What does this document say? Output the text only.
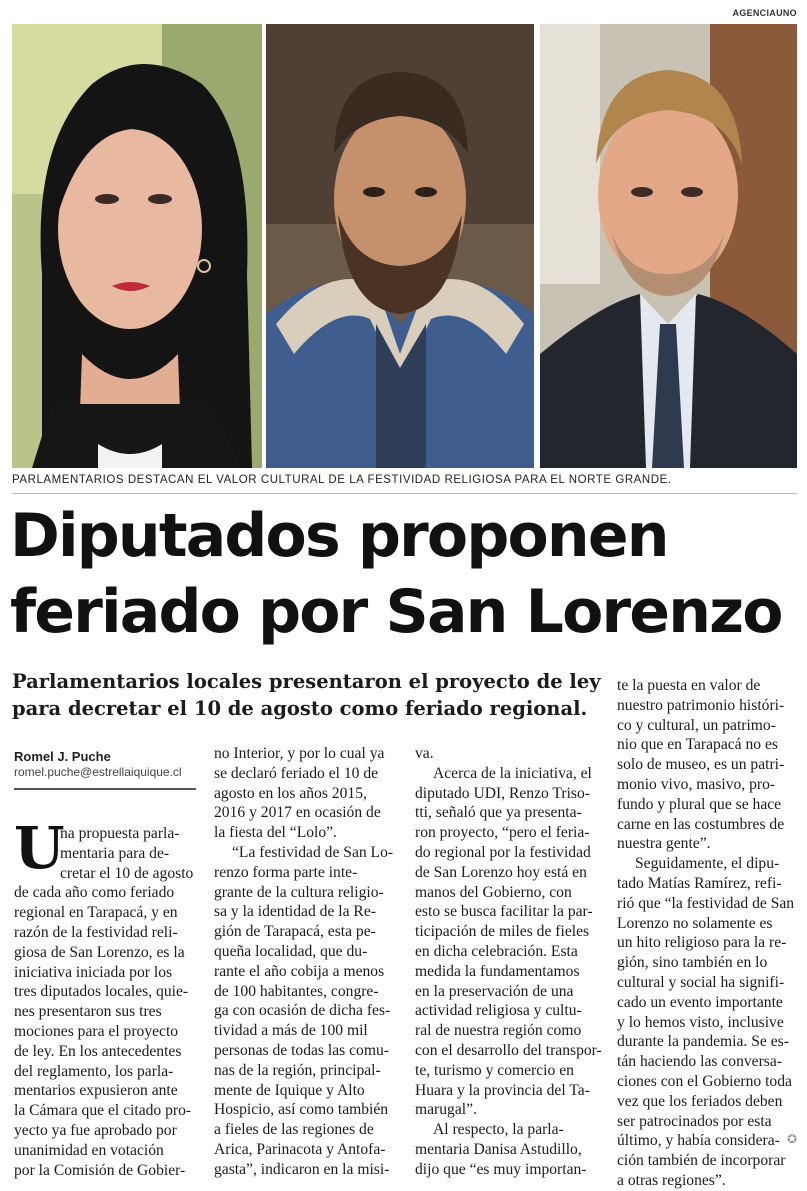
AGENCIAUNO
PARLAMENTARIOS DESTACAN EL VALOR CULTURAL DE LA FESTIVIDAD RELIGIOSA PARA EL NORTE GRANDE.
Diputados proponen
feriado por San Lorenzo
Parlamentarios locales presentaron el proyecto de ley
para decretar el 10 de agosto como feriado regional.
Romel J. Puche
romel.puche@estrellaiquique.cl
U
na propuesta parla-
mentaria para de-
cretar el 10 de agosto
de cada año como feriado
regional en Tarapacá, y en
razón de la festividad reli-
giosa de San Lorenzo, es la
iniciativa iniciada por los
tres diputados locales, quie-
nes presentaron sus tres
mociones para el proyecto
de ley. En los antecedentes
del reglamento, los parla-
mentarios expusieron ante
la Cámara que el citado pro-
yecto ya fue aprobado por
unanimidad en votación
por la Comisión de Gobier-
no Interior, y por lo cual ya
se declaró feriado el 10 de
agosto en los años 2015,
2016 y 2017 en ocasión de
la fiesta del “Lolo”.
“La festividad de San Lo-
renzo forma parte inte-
grante de la cultura religio-
sa y la identidad de la Re-
gión de Tarapacá, esta pe-
queña localidad, que du-
rante el año cobija a menos
de 100 habitantes, congre-
ga con ocasión de dicha fes-
tividad a más de 100 mil
personas de todas las comu-
nas de la región, principal-
mente de Iquique y Alto
Hospicio, así como también
a fieles de las regiones de
Arica, Parinacota y Antofa-
gasta”, indicaron en la misi-
va.
Acerca de la iniciativa, el
diputado UDI, Renzo Triso-
tti, señaló que ya presenta-
ron proyecto, “pero el feria-
do regional por la festividad
de San Lorenzo hoy está en
manos del Gobierno, con
esto se busca facilitar la par-
ticipación de miles de fieles
en dicha celebración. Esta
medida la fundamentamos
en la preservación de una
actividad religiosa y cultu-
ral de nuestra región como
con el desarrollo del transpor-
te, turismo y comercio en
Huara y la provincia del Ta-
marugal”.
Al respecto, la parla-
mentaria Danisa Astudillo,
dijo que “es muy importan-
te la puesta en valor de
nuestro patrimonio históri-
co y cultural, un patrimo-
nio que en Tarapacá no es
solo de museo, es un patri-
monio vivo, masivo, pro-
fundo y plural que se hace
carne en las costumbres de
nuestra gente”.
Seguidamente, el dipu-
tado Matías Ramírez, refi-
rió que “la festividad de San
Lorenzo no solamente es
un hito religioso para la re-
gión, sino también en lo
cultural y social ha signifi-
cado un evento importante
y lo hemos visto, inclusive
durante la pandemia. Se es-
tán haciendo las conversa-
ciones con el Gobierno toda
vez que los feriados deben
ser patrocinados por esta
último, y había considera-
ción también de incorporar
a otras regiones”.
✪
